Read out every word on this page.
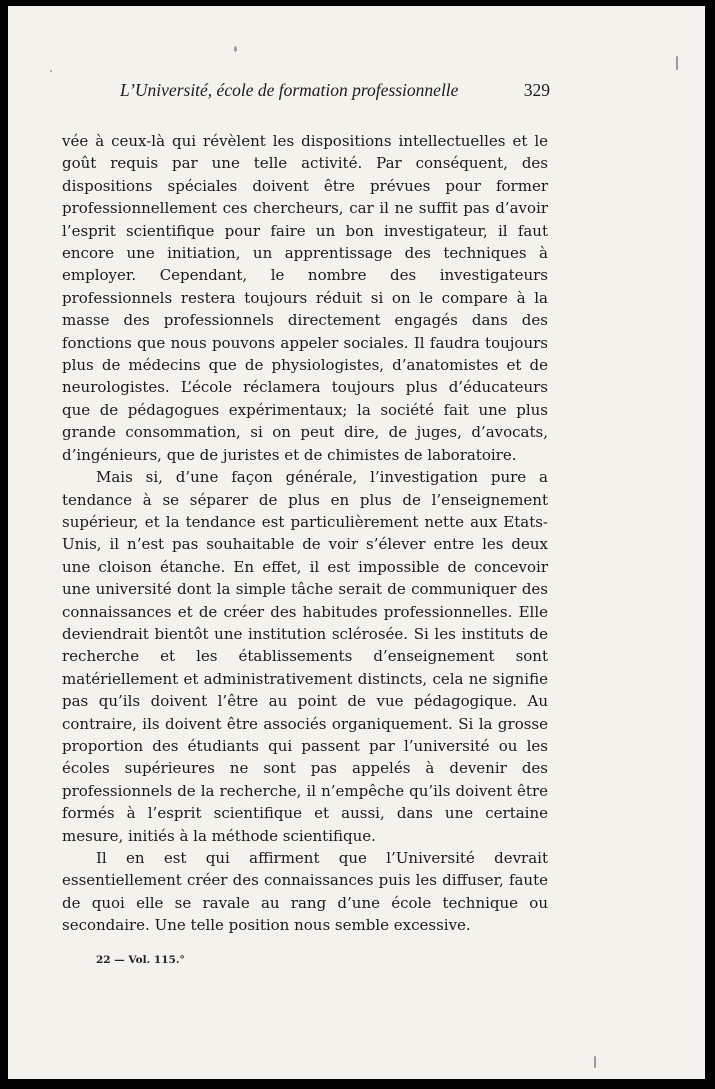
L’Université, école de formation professionnelle	329

vée à ceux-là qui révèlent les dispositions intellectuelles et le goût requis par une telle activité. Par conséquent, des dispositions spéciales doivent être prévues pour former professionnellement ces chercheurs, car il ne suffit pas d’avoir l’esprit scientifique pour faire un bon investigateur, il faut encore une initiation, un apprentissage des techniques à employer. Cependant, le nombre des investigateurs professionnels restera toujours réduit si on le compare à la masse des professionnels directement engagés dans des fonctions que nous pouvons appeler sociales. Il faudra toujours plus de médecins que de physiologistes, d’anatomistes et de neurologistes. L’école réclamera toujours plus d’éducateurs que de pédagogues expérimentaux; la société fait une plus grande consommation, si on peut dire, de juges, d’avocats, d’ingénieurs, que de juristes et de chimistes de laboratoire.

Mais si, d’une façon générale, l’investigation pure a tendance à se séparer de plus en plus de l’enseignement supérieur, et la tendance est particulièrement nette aux Etats-Unis, il n’est pas souhaitable de voir s’élever entre les deux une cloison étanche. En effet, il est impossible de concevoir une université dont la simple tâche serait de communiquer des connaissances et de créer des habitudes professionnelles. Elle deviendrait bientôt une institution sclérosée. Si les instituts de recherche et les établissements d’enseignement sont matériellement et administrativement distincts, cela ne signifie pas qu’ils doivent l’être au point de vue pédagogique. Au contraire, ils doivent être associés organiquement. Si la grosse proportion des étudiants qui passent par l’université ou les écoles supérieures ne sont pas appelés à devenir des professionnels de la recherche, il n’empêche qu’ils doivent être formés à l’esprit scientifique et aussi, dans une certaine mesure, initiés à la méthode scientifique.

Il en est qui affirment que l’Université devrait essentiellement créer des connaissances puis les diffuser, faute de quoi elle se ravale au rang d’une école technique ou secondaire. Une telle position nous semble excessive.

22 — Vol. 115.°
